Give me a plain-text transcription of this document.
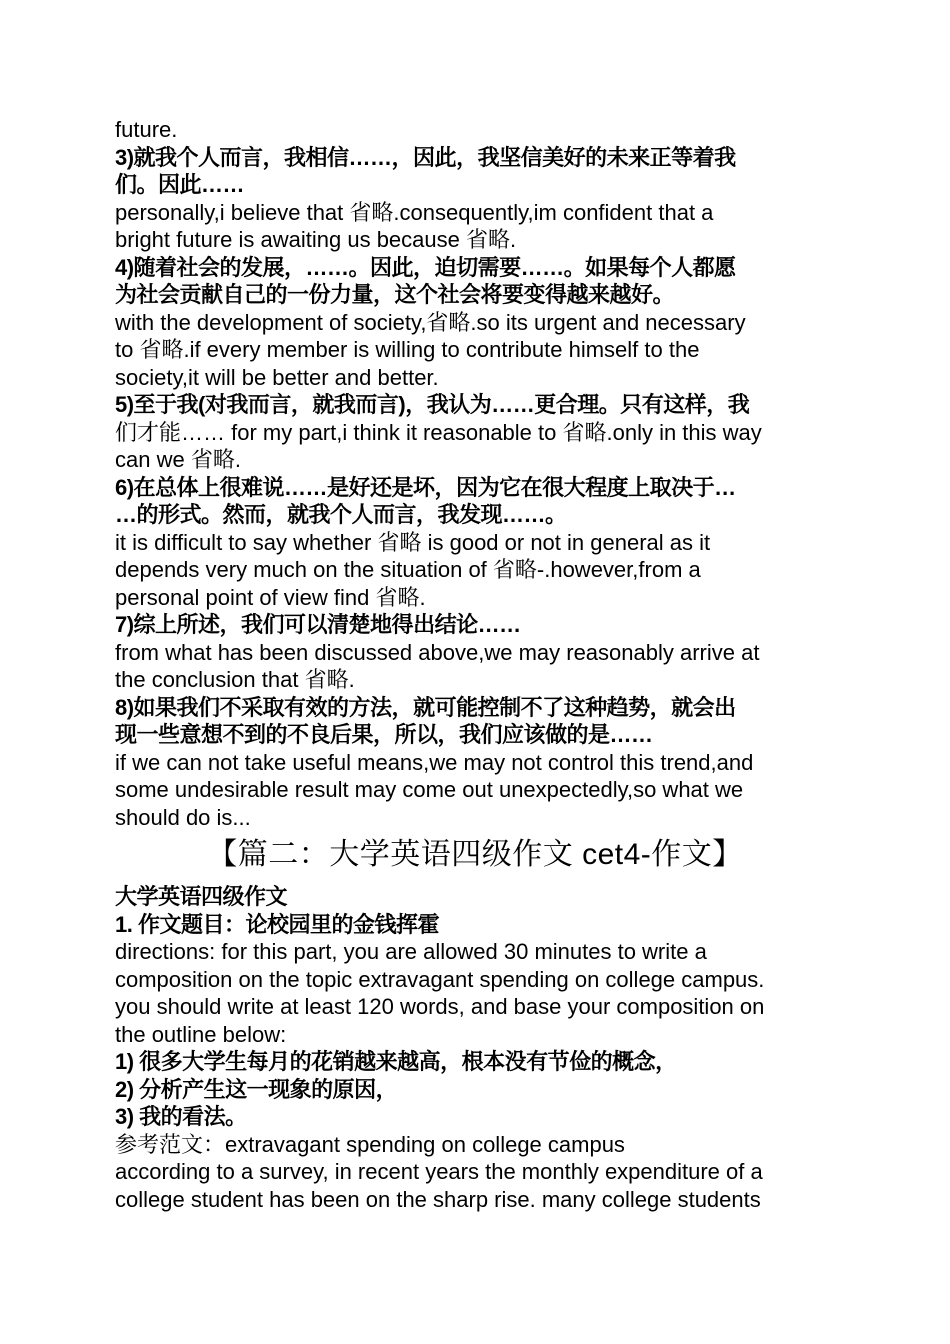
future.
3)就我个人而言，我相信……，因此，我坚信美好的未来正等着我
们。因此……
personally,i believe that 省略.consequently,im confident that a
bright future is awaiting us because 省略.
4)随着社会的发展，……。因此，迫切需要……。如果每个人都愿
为社会贡献自己的一份力量，这个社会将要变得越来越好。
with the development of society,省略.so its urgent and necessary
to 省略.if every member is willing to contribute himself to the
society,it will be better and better.
5)至于我(对我而言，就我而言)，我认为……更合理。只有这样，我
们才能…… for my part,i think it reasonable to 省略.only in this way
can we 省略.
6)在总体上很难说……是好还是坏，因为它在很大程度上取决于…
…的形式。然而，就我个人而言，我发现……。
it is difficult to say whether 省略 is good or not in general as it
depends very much on the situation of 省略-.however,from a
personal point of view find 省略.
7)综上所述，我们可以清楚地得出结论……
from what has been discussed above,we may reasonably arrive at
the conclusion that 省略.
8)如果我们不采取有效的方法，就可能控制不了这种趋势，就会出
现一些意想不到的不良后果，所以，我们应该做的是……
if we can not take useful means,we may not control this trend,and
some undesirable result may come out unexpectedly,so what we
should do is...
【篇二：大学英语四级作文 cet4-作文】
大学英语四级作文
1. 作文题目：论校园里的金钱挥霍
directions: for this part, you are allowed 30 minutes to write a
composition on the topic extravagant spending on college campus.
you should write at least 120 words, and base your composition on
the outline below:
1) 很多大学生每月的花销越来越高，根本没有节俭的概念，
2) 分析产生这一现象的原因，
3) 我的看法。
参考范文：extravagant spending on college campus
according to a survey, in recent years the monthly expenditure of a
college student has been on the sharp rise. many college students
